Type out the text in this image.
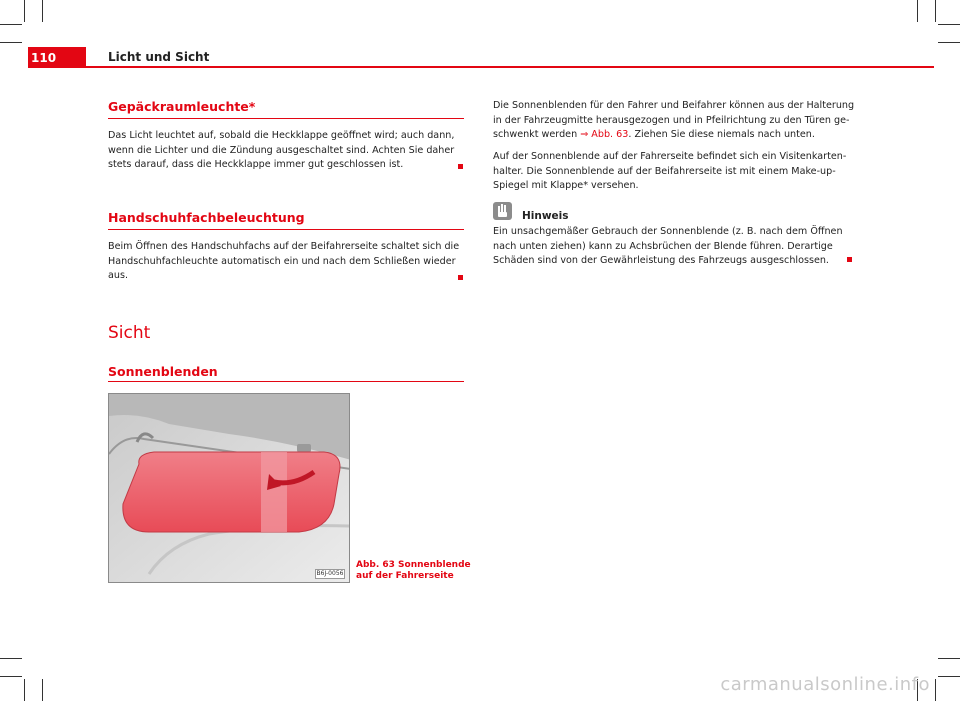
110	Licht und Sicht
Gepäckraumleuchte*
Das Licht leuchtet auf, sobald die Heckklappe geöffnet wird; auch dann,
wenn die Lichter und die Zündung ausgeschaltet sind. Achten Sie daher
stets darauf, dass die Heckklappe immer gut geschlossen ist.
Handschuhfachbeleuchtung
Beim Öffnen des Handschuhfachs auf der Beifahrerseite schaltet sich die
Handschuhfachleuchte automatisch ein und nach dem Schließen wieder
aus.
Sicht
Sonnenblenden
B6J-0056
Abb. 63 Sonnenblende
auf der Fahrerseite
Die Sonnenblenden für den Fahrer und Beifahrer können aus der Halterung
in der Fahrzeugmitte herausgezogen und in Pfeilrichtung zu den Türen ge-
schwenkt werden ⇒ Abb. 63. Ziehen Sie diese niemals nach unten.
Auf der Sonnenblende auf der Fahrerseite befindet sich ein Visitenkarten-
halter. Die Sonnenblende auf der Beifahrerseite ist mit einem Make-up-
Spiegel mit Klappe* versehen.
Hinweis
Ein unsachgemäßer Gebrauch der Sonnenblende (z. B. nach dem Öffnen
nach unten ziehen) kann zu Achsbrüchen der Blende führen. Derartige
Schäden sind von der Gewährleistung des Fahrzeugs ausgeschlossen.
carmanualsonline.info
